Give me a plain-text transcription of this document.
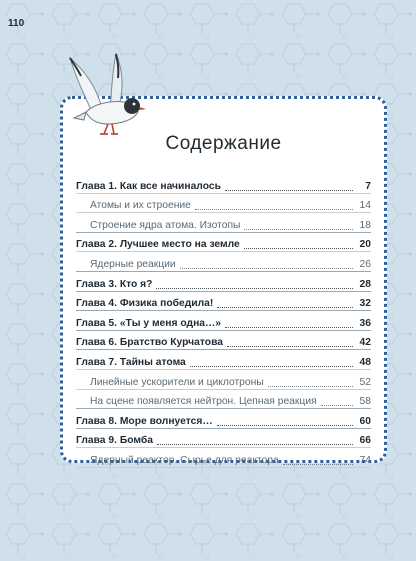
110
Содержание
Глава 1. Как все начиналось	7
Атомы и их строение	14
Строение ядра атома. Изотопы	18
Глава 2. Лучшее место на земле	20
Ядерные реакции	26
Глава 3. Кто я?	28
Глава 4. Физика победила!	32
Глава 5. «Ты у меня одна…»	36
Глава 6. Братство Курчатова	42
Глава 7. Тайны атома	48
Линейные ускорители и циклотроны	52
На сцене появляется нейтрон. Цепная реакция	58
Глава 8. Море волнуется…	60
Глава 9. Бомба	66
Ядерный реактор. Сырье для реактора	74
